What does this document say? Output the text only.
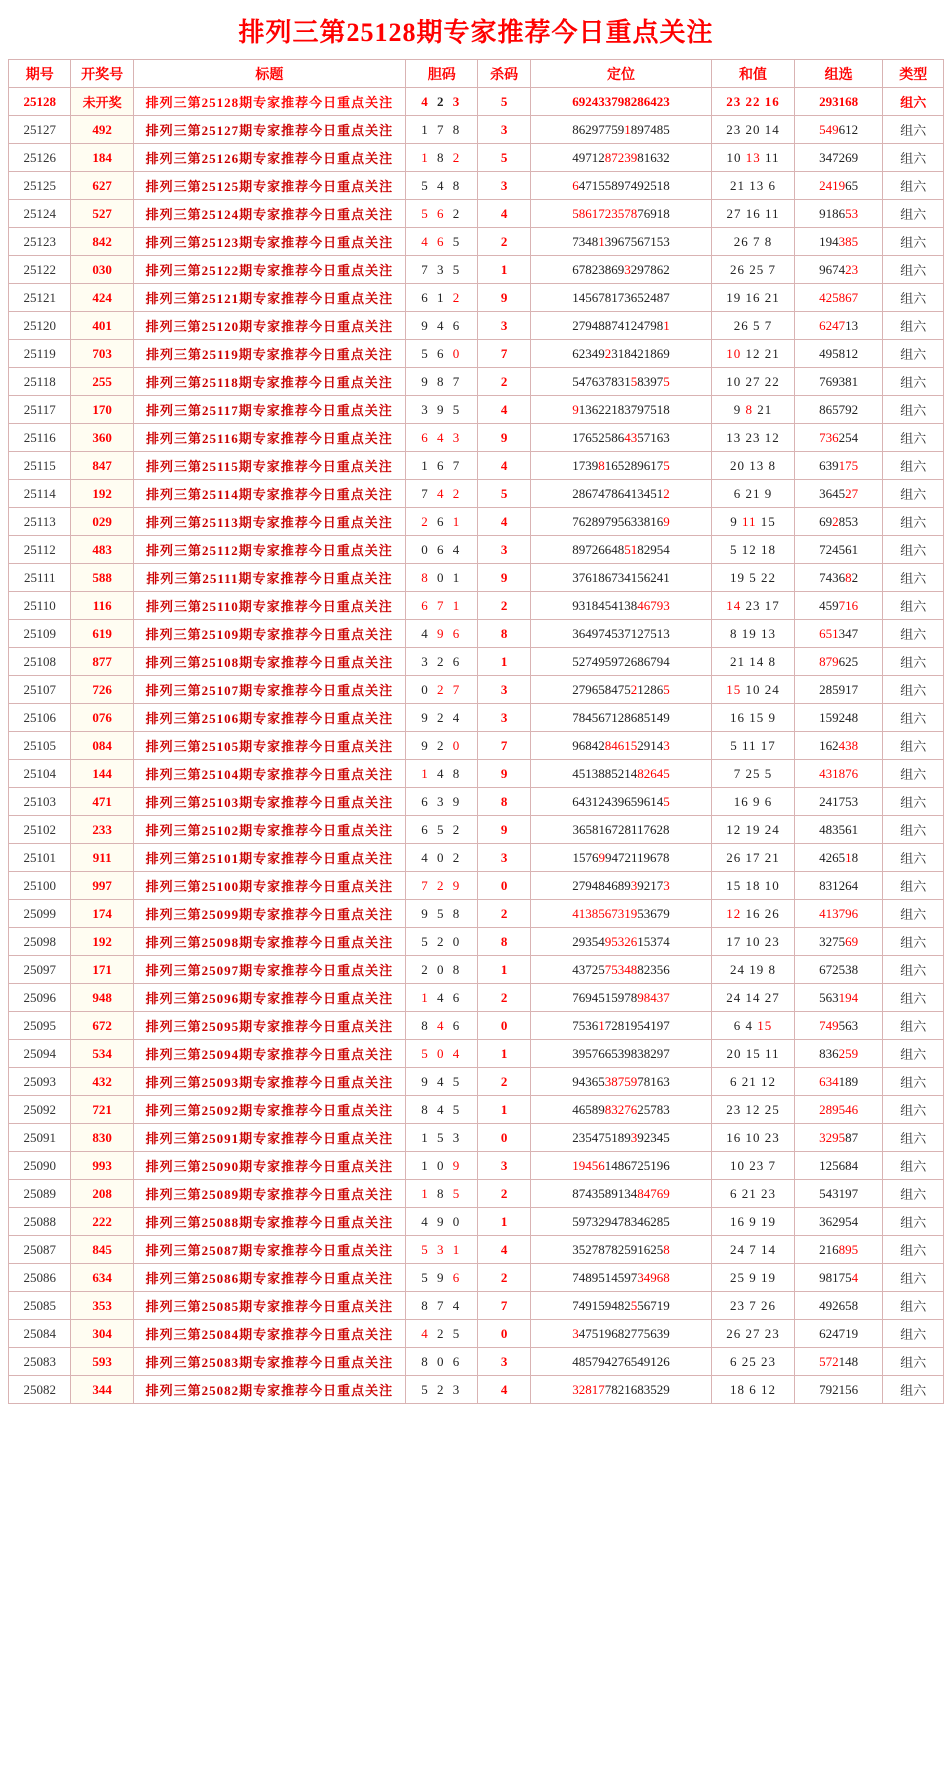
排列三第25128期专家推荐今日重点关注
期号	开奖号	标题	胆码	杀码	定位	和值	组选	类型
25128	未开奖	排列三第25128期专家推荐今日重点关注	4 2 3	5	692433798286423	23 22 16	293168	组六
25127	492	排列三第25127期专家推荐今日重点关注	1 7 8	3	862977591897485	23 20 14	549612	组六
25126	184	排列三第25126期专家推荐今日重点关注	1 8 2	5	497128723981632	10 13 11	347269	组六
25125	627	排列三第25125期专家推荐今日重点关注	5 4 8	3	647155897492518	21 13 6	241965	组六
25124	527	排列三第25124期专家推荐今日重点关注	5 6 2	4	586172357876918	27 16 11	918653	组六
25123	842	排列三第25123期专家推荐今日重点关注	4 6 5	2	734813967567153	26 7 8	194385	组六
25122	030	排列三第25122期专家推荐今日重点关注	7 3 5	1	678238693297862	26 25 7	967423	组六
25121	424	排列三第25121期专家推荐今日重点关注	6 1 2	9	145678173652487	19 16 21	425867	组六
25120	401	排列三第25120期专家推荐今日重点关注	9 4 6	3	279488741247981	26 5 7	624713	组六
25119	703	排列三第25119期专家推荐今日重点关注	5 6 0	7	623492318421869	10 12 21	495812	组六
25118	255	排列三第25118期专家推荐今日重点关注	9 8 7	2	547637831583975	10 27 22	769381	组六
25117	170	排列三第25117期专家推荐今日重点关注	3 9 5	4	913622183797518	9 8 21	865792	组六
25116	360	排列三第25116期专家推荐今日重点关注	6 4 3	9	176525864357163	13 23 12	736254	组六
25115	847	排列三第25115期专家推荐今日重点关注	1 6 7	4	173981652896175	20 13 8	639175	组六
25114	192	排列三第25114期专家推荐今日重点关注	7 4 2	5	286747864134512	6 21 9	364527	组六
25113	029	排列三第25113期专家推荐今日重点关注	2 6 1	4	762897956338169	9 11 15	692853	组六
25112	483	排列三第25112期专家推荐今日重点关注	0 6 4	3	897266485182954	5 12 18	724561	组六
25111	588	排列三第25111期专家推荐今日重点关注	8 0 1	9	376186734156241	19 5 22	743682	组六
25110	116	排列三第25110期专家推荐今日重点关注	6 7 1	2	931845413846793	14 23 17	459716	组六
25109	619	排列三第25109期专家推荐今日重点关注	4 9 6	8	364974537127513	8 19 13	651347	组六
25108	877	排列三第25108期专家推荐今日重点关注	3 2 6	1	527495972686794	21 14 8	879625	组六
25107	726	排列三第25107期专家推荐今日重点关注	0 2 7	3	279658475212865	15 10 24	285917	组六
25106	076	排列三第25106期专家推荐今日重点关注	9 2 4	3	784567128685149	16 15 9	159248	组六
25105	084	排列三第25105期专家推荐今日重点关注	9 2 0	7	968428461529143	5 11 17	162438	组六
25104	144	排列三第25104期专家推荐今日重点关注	1 4 8	9	451388521482645	7 25 5	431876	组六
25103	471	排列三第25103期专家推荐今日重点关注	6 3 9	8	643124396596145	16 9 6	241753	组六
25102	233	排列三第25102期专家推荐今日重点关注	6 5 2	9	365816728117628	12 19 24	483561	组六
25101	911	排列三第25101期专家推荐今日重点关注	4 0 2	3	157699472119678	26 17 21	426518	组六
25100	997	排列三第25100期专家推荐今日重点关注	7 2 9	0	279484689392173	15 18 10	831264	组六
25099	174	排列三第25099期专家推荐今日重点关注	9 5 8	2	413856731953679	12 16 26	413796	组六
25098	192	排列三第25098期专家推荐今日重点关注	5 2 0	8	293549532615374	17 10 23	327569	组六
25097	171	排列三第25097期专家推荐今日重点关注	2 0 8	1	437257534882356	24 19 8	672538	组六
25096	948	排列三第25096期专家推荐今日重点关注	1 4 6	2	769451597898437	24 14 27	563194	组六
25095	672	排列三第25095期专家推荐今日重点关注	8 4 6	0	753617281954197	6 4 15	749563	组六
25094	534	排列三第25094期专家推荐今日重点关注	5 0 4	1	395766539838297	20 15 11	836259	组六
25093	432	排列三第25093期专家推荐今日重点关注	9 4 5	2	943653875978163	6 21 12	634189	组六
25092	721	排列三第25092期专家推荐今日重点关注	8 4 5	1	465898327625783	23 12 25	289546	组六
25091	830	排列三第25091期专家推荐今日重点关注	1 5 3	0	235475189392345	16 10 23	329587	组六
25090	993	排列三第25090期专家推荐今日重点关注	1 0 9	3	194561486725196	10 23 7	125684	组六
25089	208	排列三第25089期专家推荐今日重点关注	1 8 5	2	874358913484769	6 21 23	543197	组六
25088	222	排列三第25088期专家推荐今日重点关注	4 9 0	1	597329478346285	16 9 19	362954	组六
25087	845	排列三第25087期专家推荐今日重点关注	5 3 1	4	352787825916258	24 7 14	216895	组六
25086	634	排列三第25086期专家推荐今日重点关注	5 9 6	2	748951459734968	25 9 19	981754	组六
25085	353	排列三第25085期专家推荐今日重点关注	8 7 4	7	749159482556719	23 7 26	492658	组六
25084	304	排列三第25084期专家推荐今日重点关注	4 2 5	0	347519682775639	26 27 23	624719	组六
25083	593	排列三第25083期专家推荐今日重点关注	8 0 6	3	485794276549126	6 25 23	572148	组六
25082	344	排列三第25082期专家推荐今日重点关注	5 2 3	4	328177821683529	18 6 12	792156	组六
